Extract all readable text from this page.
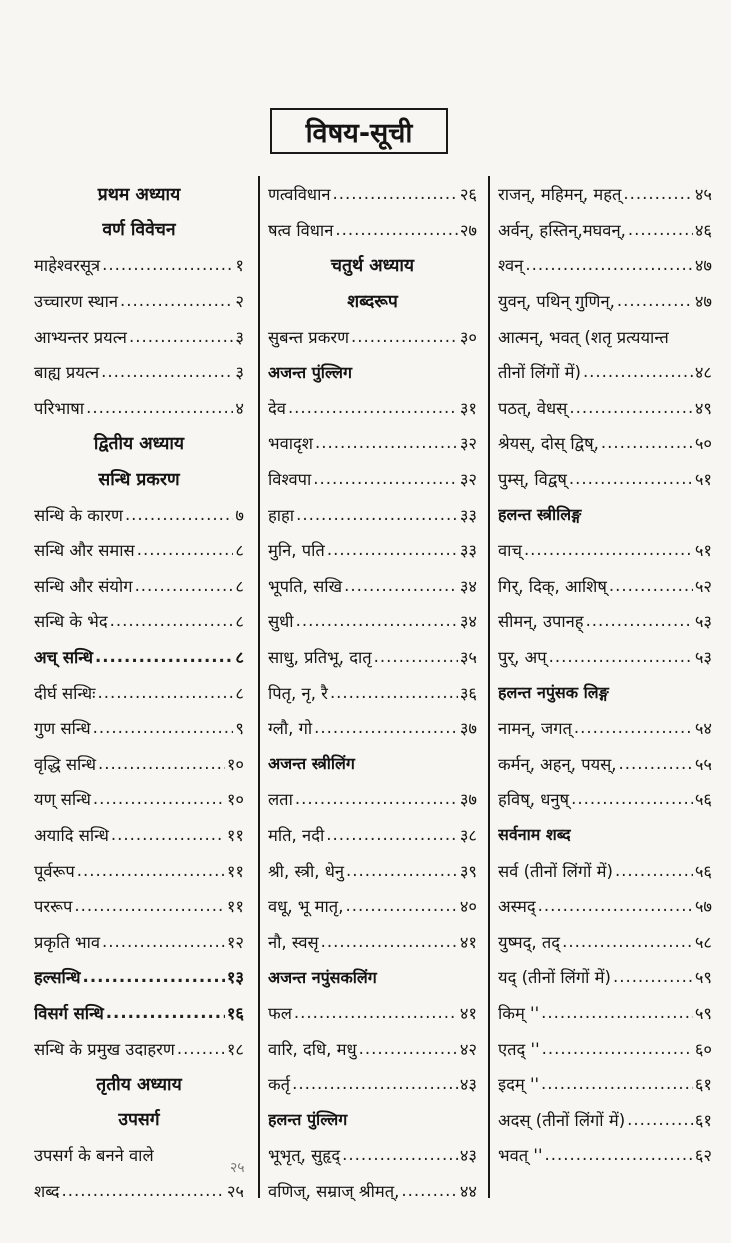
विषय-सूची
प्रथम अध्याय
वर्ण विवेचन
माहेश्वरसूत्र .....	१
उच्चारण स्थान .....	२
आभ्यन्तर प्रयत्न .....	३
बाह्य प्रयत्न .....	३
परिभाषा .....	४
द्वितीय अध्याय
सन्धि प्रकरण
सन्धि के कारण .....	७
सन्धि और समास .....	८
सन्धि और संयोग .....	८
सन्धि के भेद .....	८
अच् सन्धि .....	८
दीर्घ सन्धिः .....	८
गुण सन्धि .....	९
वृद्धि सन्धि .....	१०
यण् सन्धि .....	१०
अयादि सन्धि .....	११
पूर्वरूप .....	११
पररूप .....	११
प्रकृति भाव .....	१२
हल्सन्धि .....	१३
विसर्ग सन्धि .....	१६
सन्धि के प्रमुख उदाहरण .....	१८
तृतीय अध्याय
उपसर्ग
उपसर्ग के बनने वाले
शब्द .....	२५
णत्वविधान .....	२६
षत्व विधान .....	२७
चतुर्थ अध्याय
शब्दरूप
सुबन्त प्रकरण .....	३०
अजन्त पुंल्लिग
देव .....	३१
भवादृश .....	३२
विश्वपा .....	३२
हाहा .....	३३
मुनि, पति .....	३३
भूपति, सखि .....	३४
सुधी .....	३४
साधु, प्रतिभू, दातृ .....	३५
पितृ, नृ, रै .....	३६
ग्लौ, गो .....	३७
अजन्त स्त्रीलिंग
लता .....	३७
मति, नदी .....	३८
श्री, स्त्री, धेनु .....	३९
वधू, भू मातृ, .....	४०
नौ, स्वसृ .....	४१
अजन्त नपुंसकलिंग
फल .....	४१
वारि, दधि, मधु .....	४२
कर्तृ .....	४३
हलन्त पुंल्लिग
भूभृत्, सुहृद् .....	४३
वणिज्, सम्राज् श्रीमत्, .....	४४
राजन्, महिमन्, महत् .....	४५
अर्वन्, हस्तिन्,मघवन्, .....	४६
श्वन् .....	४७
युवन्, पथिन् गुणिन्, .....	४७
आत्मन्, भवत् (शतृ प्रत्ययान्त
तीनों लिंगों में) .....	४८
पठत्, वेधस् .....	४९
श्रेयस्, दोस् द्विष्, .....	५०
पुम्स्, विद्वष् .....	५१
हलन्त स्त्रीलिङ्ग
वाच् .....	५१
गिर्, दिक्, आशिष् .....	५२
सीमन्, उपानह् .....	५३
पुर्, अप् .....	५३
हलन्त नपुंसक लिङ्ग
नामन्, जगत् .....	५४
कर्मन्, अहन्, पयस्, .....	५५
हविष्, धनुष् .....	५६
सर्वनाम शब्द
सर्व (तीनों लिंगों में) .....	५६
अस्मद् .....	५७
युष्मद्, तद् .....	५८
यद् (तीनों लिंगों में) .....	५९
किम् '' .....	५९
एतद् '' .....	६०
इदम् '' .....	६१
अदस् (तीनों लिंगों में) .....	६१
भवत् '' .....	६२
२५
